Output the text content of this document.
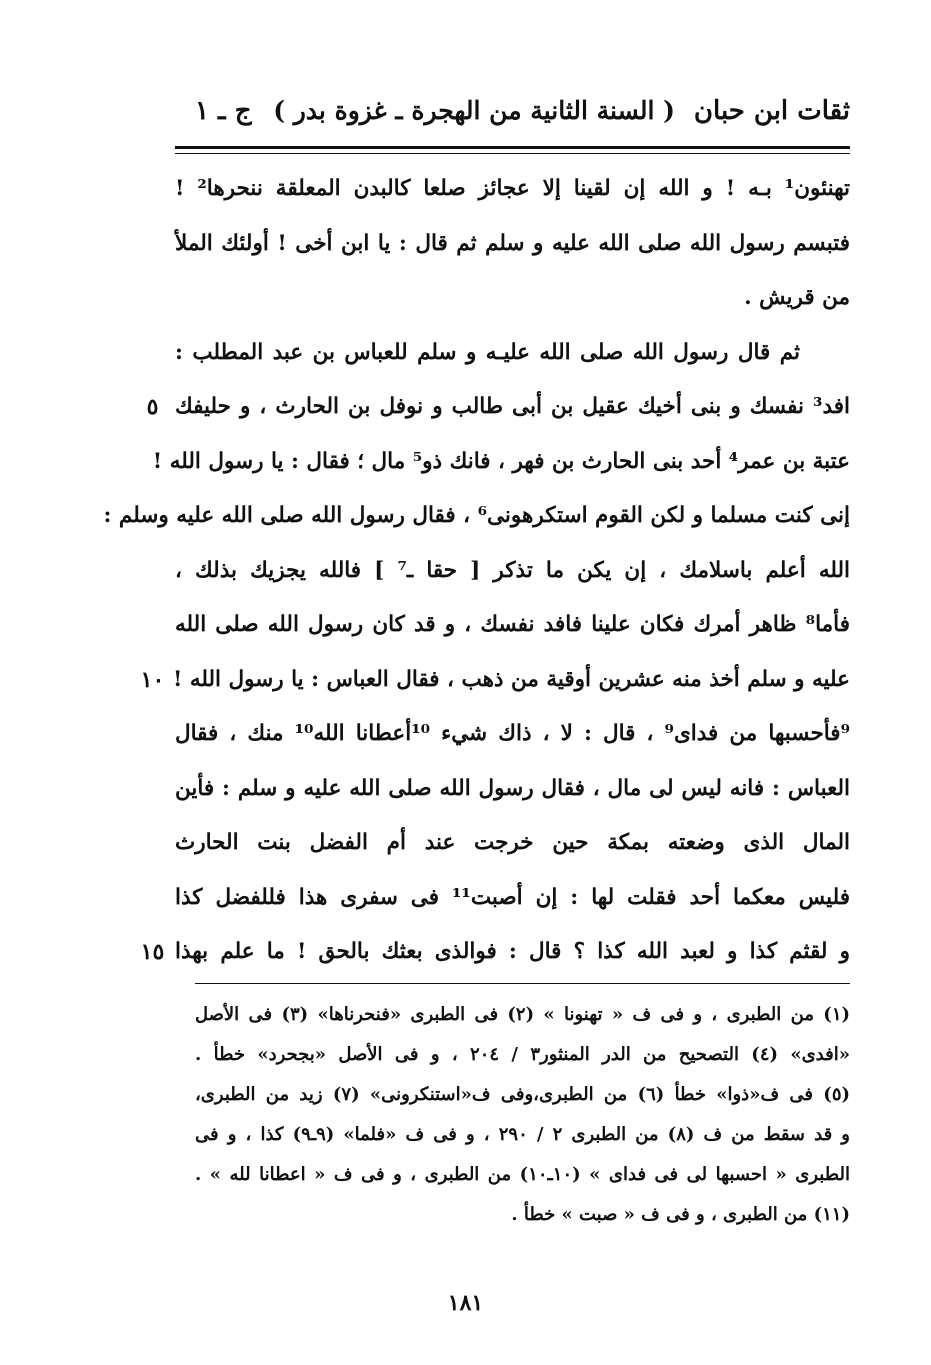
ثقات ابن حبان
( السنة الثانية من الهجرة ـ غزوة بدر )
ج ـ ١
تهنئون¹ بـه ! و الله إن لقينا إلا عجائز صلعا كالبدن المعلقة ننحرها² !
فتبسم رسول الله صلى الله عليه و سلم ثم قال : يا ابن أخى ! أولئك الملأ
من قريش .
ثم قال رسول الله صلى الله عليـه و سلم للعباس بن عبد المطلب :
افد³ نفسك و بنى أخيك عقيل بن أبى طالب و نوفل بن الحارث ، و حليفك
عتبة بن عمر⁴ أحد بنى الحارث بن فهر ، فانك ذو⁵ مال ؛ فقال : يا رسول الله !
إنى كنت مسلما و لكن القوم استكرهونى⁶ ، فقال رسول الله صلى الله عليه وسلم :
الله أعلم باسلامك ، إن يكن ما تذكر [ حقا ـ⁷ ] فالله يجزيك بذلك ،
فأما⁸ ظاهر أمرك فكان علينا فافد نفسك ، و قد كان رسول الله صلى الله
عليه و سلم أخذ منه عشرين أوقية من ذهب ، فقال العباس : يا رسول الله !
⁹فأحسبها من فداى⁹ ، قال : لا ، ذاك شيء ¹⁰أعطانا الله¹⁰ منك ، فقال
العباس : فانه ليس لى مال ، فقال رسول الله صلى الله عليه و سلم : فأين
المال الذى وضعته بمكة حين خرجت عند أم الفضل بنت الحارث
فليس معكما أحد فقلت لها : إن أصبت¹¹ فى سفرى هذا فللفضل كذا
و لقثم كذا و لعبد الله كذا ؟ قال : فوالذى بعثك بالحق ! ما علم بهذا
٥
١٠
١٥
(١) من الطبرى ، و فى ف « تهنونا » (٢) فى الطبرى «فنحرناها» (٣) فى الأصل
«افدى» (٤) التصحيح من الدر المنثور٣ / ٢٠٤ ، و فى الأصل «بجحرد» خطأ .
(٥) فى ف«ذوا» خطأ (٦) من الطبرى،وفى ف«استنكرونى» (٧) زيد من الطبرى،
و قد سقط من ف (٨) من الطبرى ٢ / ٢٩٠ ، و فى ف «فلما» (٩ـ٩) كذا ، و فى
الطبرى « احسبها لى فى فداى » (١٠ـ١٠) من الطبرى ، و فى ف « اعطانا لله » .
(١١) من الطبرى ، و فى ف « صبت » خطأ .
١٨١
